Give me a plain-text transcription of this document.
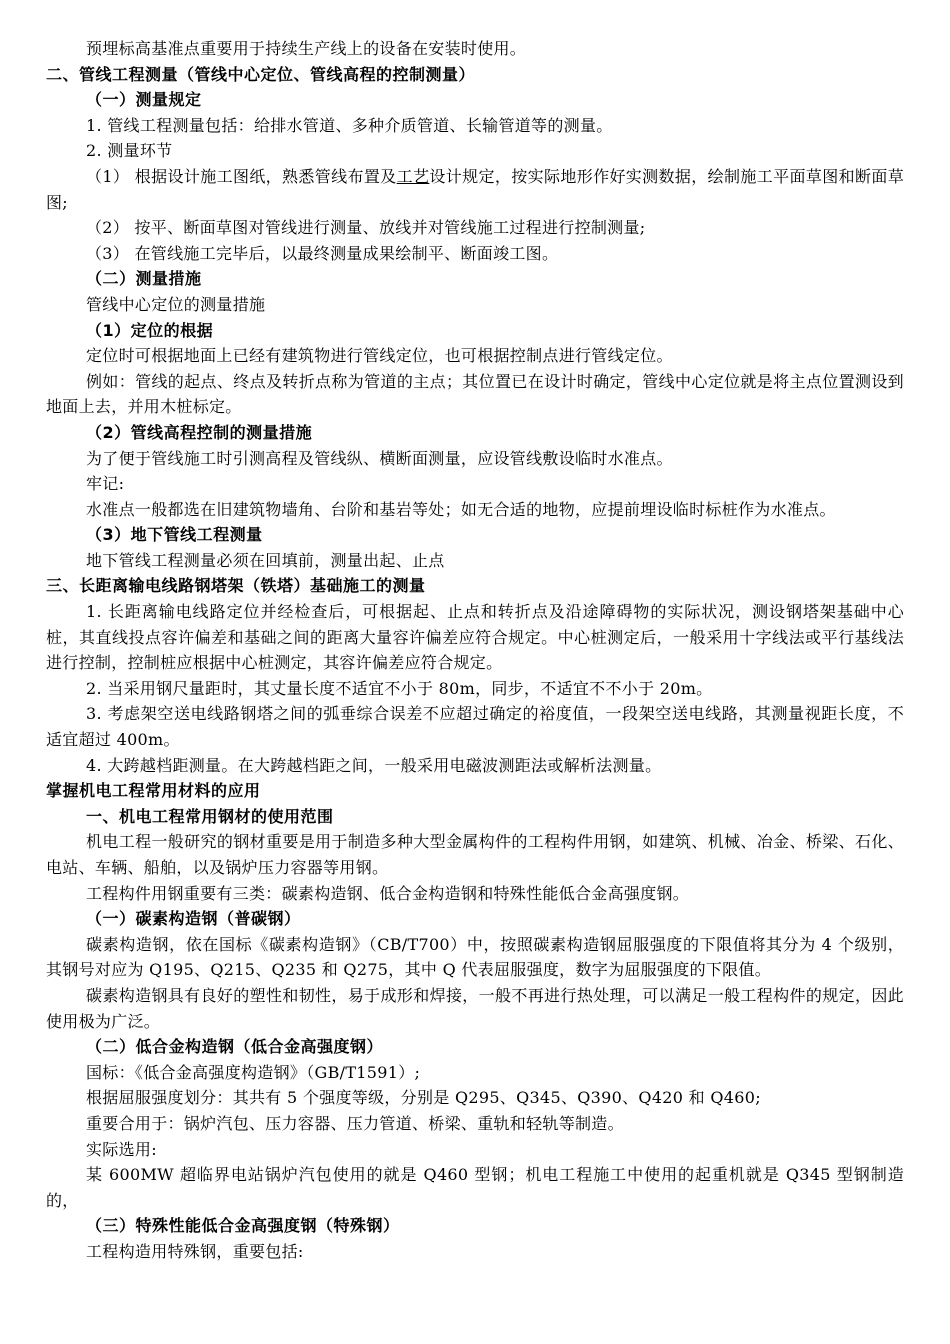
预埋标高基准点重要用于持续生产线上的设备在安装时使用。

二、管线工程测量（管线中心定位、管线高程的控制测量）

（一）测量规定

1. 管线工程测量包括：给排水管道、多种介质管道、长输管道等的测量。

2. 测量环节

（1） 根据设计施工图纸，熟悉管线布置及工艺设计规定，按实际地形作好实测数据，绘制施工平面草图和断面草图;

（2） 按平、断面草图对管线进行测量、放线并对管线施工过程进行控制测量;

（3） 在管线施工完毕后，以最终测量成果绘制平、断面竣工图。

（二）测量措施

管线中心定位的测量措施

（1）定位的根据

定位时可根据地面上已经有建筑物进行管线定位，也可根据控制点进行管线定位。

例如：管线的起点、终点及转折点称为管道的主点；其位置已在设计时确定，管线中心定位就是将主点位置测设到地面上去，并用木桩标定。

（2）管线高程控制的测量措施

为了便于管线施工时引测高程及管线纵、横断面测量，应设管线敷设临时水准点。

牢记:

水准点一般都选在旧建筑物墙角、台阶和基岩等处；如无合适的地物，应提前埋设临时标桩作为水准点。

（3）地下管线工程测量

地下管线工程测量必须在回填前，测量出起、止点

三、长距离输电线路钢塔架（铁塔）基础施工的测量

1. 长距离输电线路定位并经检查后，可根据起、止点和转折点及沿途障碍物的实际状况，测设钢塔架基础中心桩，其直线投点容许偏差和基础之间的距离大量容许偏差应符合规定。中心桩测定后，一般采用十字线法或平行基线法进行控制，控制桩应根据中心桩测定，其容许偏差应符合规定。

2. 当采用钢尺量距时，其丈量长度不适宜不小于 80m，同步，不适宜不不小于 20m。

3. 考虑架空送电线路钢塔之间的弧垂综合误差不应超过确定的裕度值，一段架空送电线路，其测量视距长度，不适宜超过 400m。

4. 大跨越档距测量。在大跨越档距之间，一般采用电磁波测距法或解析法测量。

掌握机电工程常用材料的应用

一、机电工程常用钢材的使用范围

机电工程一般研究的钢材重要是用于制造多种大型金属构件的工程构件用钢，如建筑、机械、冶金、桥梁、石化、电站、车辆、船舶，以及锅炉压力容器等用钢。

工程构件用钢重要有三类：碳素构造钢、低合金构造钢和特殊性能低合金高强度钢。

（一）碳素构造钢（普碳钢）

碳素构造钢，依在国标《碳素构造钢》（CB/T700）中，按照碳素构造钢屈服强度的下限值将其分为 4 个级别，其钢号对应为 Q195、Q215、Q235 和 Q275，其中 Q 代表屈服强度，数字为屈服强度的下限值。

碳素构造钢具有良好的塑性和韧性，易于成形和焊接，一般不再进行热处理，可以满足一般工程构件的规定，因此使用极为广泛。

（二）低合金构造钢（低合金高强度钢）

国标：《低合金高强度构造钢》（GB/T1591）;

根据屈服强度划分：其共有 5 个强度等级，分别是 Q295、Q345、Q390、Q420 和 Q460;

重要合用于：锅炉汽包、压力容器、压力管道、桥梁、重轨和轻轨等制造。

实际选用:

某 600MW 超临界电站锅炉汽包使用的就是 Q460 型钢；机电工程施工中使用的起重机就是 Q345 型钢制造的，

（三）特殊性能低合金高强度钢（特殊钢）

工程构造用特殊钢，重要包括:
